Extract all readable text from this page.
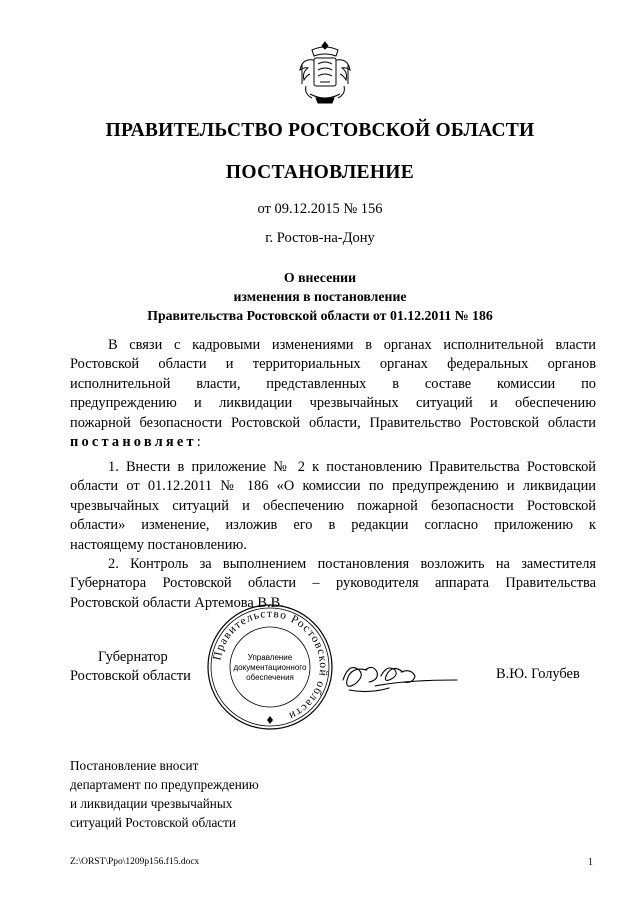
ПРАВИТЕЛЬСТВО РОСТОВСКОЙ ОБЛАСТИ
ПОСТАНОВЛЕНИЕ
от 09.12.2015 № 156
г. Ростов-на-Дону
О внесении
изменения в постановление
Правительства Ростовской области от 01.12.2011 № 186
В связи с кадровыми изменениями в органах исполнительной власти
Ростовской области и территориальных органах федеральных органов
исполнительной власти, представленных в составе комиссии по
предупреждению и ликвидации чрезвычайных ситуаций и обеспечению
пожарной безопасности Ростовской области, Правительство Ростовской области
постановляет:
1. Внести в приложение № 2 к постановлению Правительства Ростовской
области от 01.12.2011 № 186 «О комиссии по предупреждению и ликвидации
чрезвычайных ситуаций и обеспечению пожарной безопасности Ростовской
области» изменение, изложив его в редакции согласно приложению к
настоящему постановлению.
2. Контроль за выполнением постановления возложить на заместителя
Губернатора Ростовской области – руководителя аппарата Правительства
Ростовской области Артемова В.В.
Губернатор
Ростовской области
Правительство Ростовской области
Управление
документационного
обеспечения	В.Ю. Голубев
Постановление вносит
департамент по предупреждению
и ликвидации чрезвычайных
ситуаций Ростовской области
Z:\ORST\Ppo\1209p156.f15.docx	1
